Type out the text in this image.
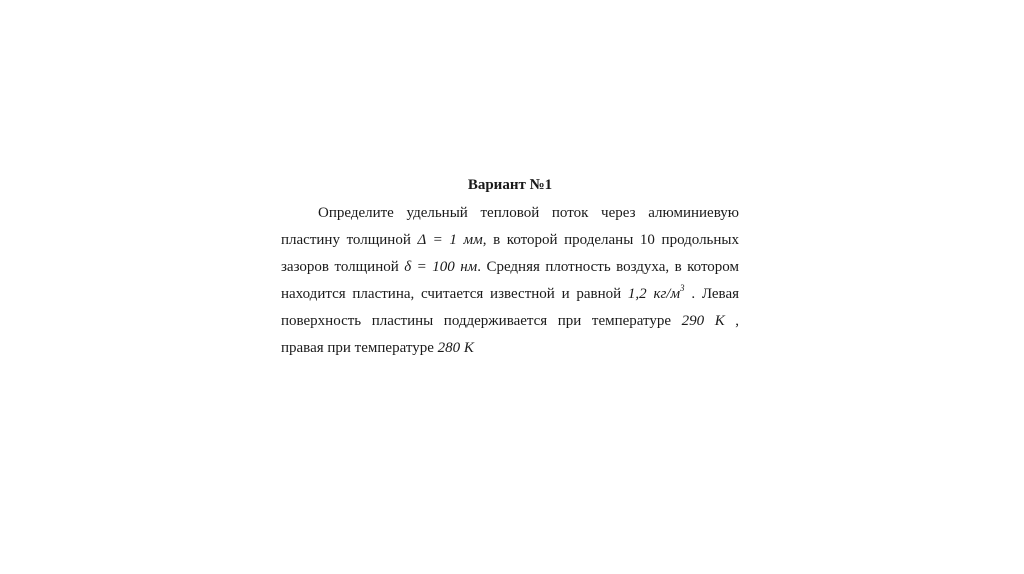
Вариант №1
Определите удельный тепловой поток через алюминиевую
пластину толщиной Δ = 1 мм, в которой проделаны 10 продольных
зазоров толщиной δ = 100 нм. Средняя плотность воздуха, в котором
находится пластина, считается известной и равной 1,2 $кг/м^3$ . Левая
поверхность пластины поддерживается при температуре 290 К ,
правая при температуре 280 К
